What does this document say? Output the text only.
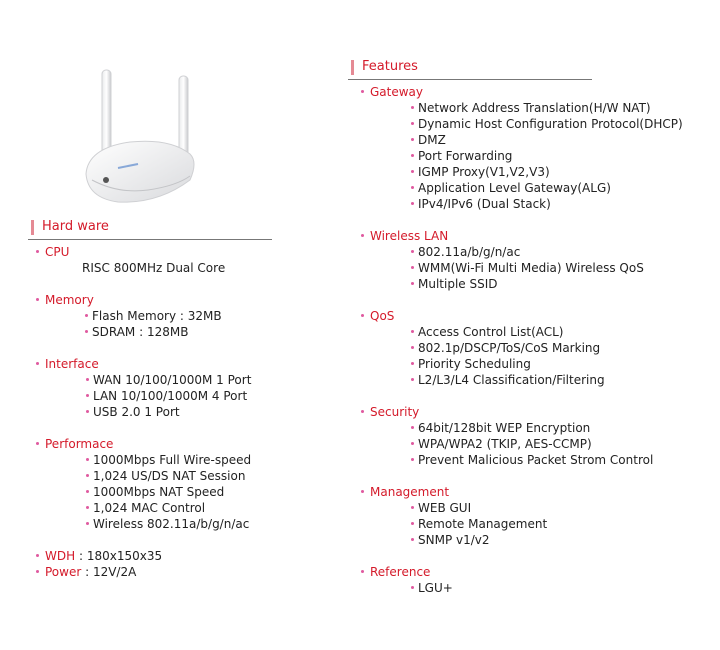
Hard ware
CPU
RISC 800MHz Dual Core
Memory
Flash Memory : 32MB
SDRAM : 128MB
Interface
WAN 10/100/1000M 1 Port
LAN 10/100/1000M 4 Port
USB 2.0 1 Port
Performace
1000Mbps Full Wire-speed
1,024 US/DS NAT Session
1000Mbps NAT Speed
1,024 MAC Control
Wireless 802.11a/b/g/n/ac
WDH : 180x150x35
Power : 12V/2A
Features
Gateway
Network Address Translation(H/W NAT)
Dynamic Host Configuration Protocol(DHCP)
DMZ
Port Forwarding
IGMP Proxy(V1,V2,V3)
Application Level Gateway(ALG)
IPv4/IPv6 (Dual Stack)
Wireless LAN
802.11a/b/g/n/ac
WMM(Wi-Fi Multi Media) Wireless QoS
Multiple SSID
QoS
Access Control List(ACL)
802.1p/DSCP/ToS/CoS Marking
Priority Scheduling
L2/L3/L4 Classification/Filtering
Security
64bit/128bit WEP Encryption
WPA/WPA2 (TKIP, AES-CCMP)
Prevent Malicious Packet Strom Control
Management
WEB GUI
Remote Management
SNMP v1/v2
Reference
LGU+
